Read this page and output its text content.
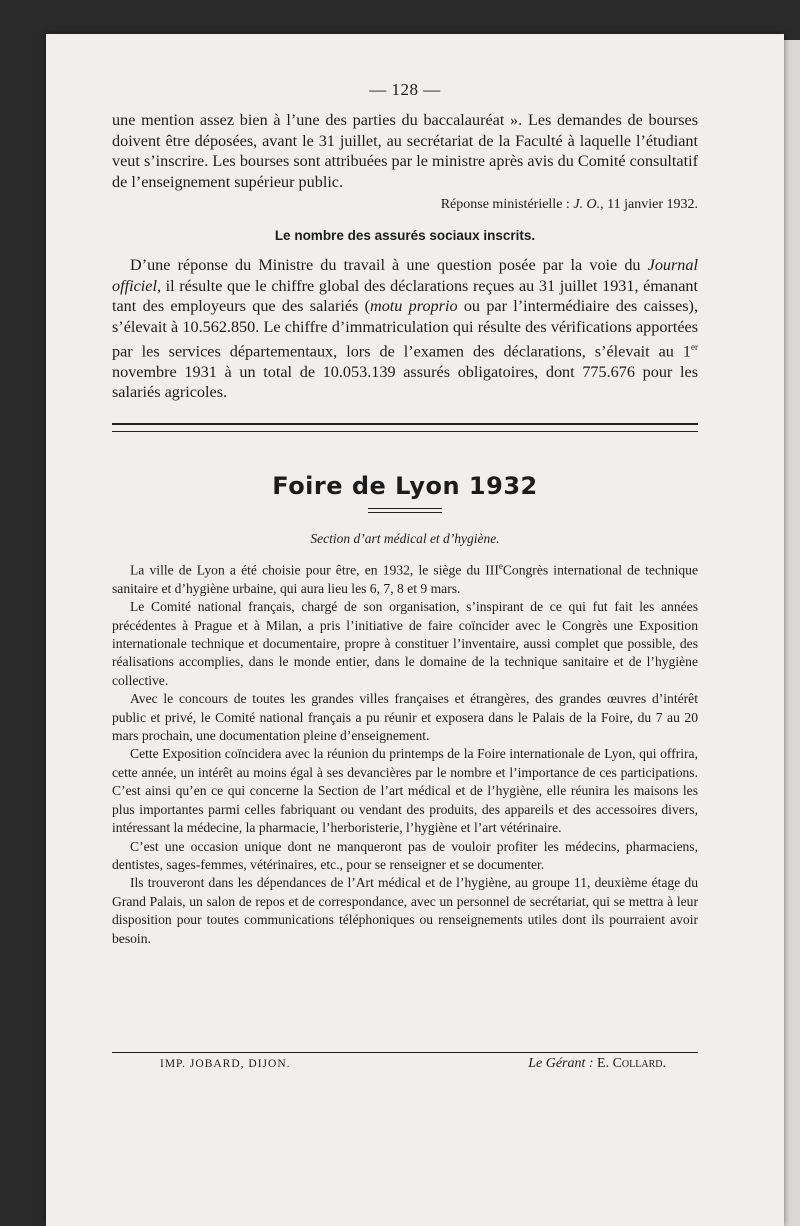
— 128 —

une mention assez bien à l’une des parties du baccalauréat ». Les demandes de bourses doivent être déposées, avant le 31 juillet, au secrétariat de la Faculté à laquelle l’étudiant veut s’inscrire. Les bourses sont attribuées par le ministre après avis du Comité consultatif de l’enseignement supérieur public.

Réponse ministérielle : J. O., 11 janvier 1932.
Le nombre des assurés sociaux inscrits.

D’une réponse du Ministre du travail à une question posée par la voie du Journal officiel, il résulte que le chiffre global des déclarations reçues au 31 juillet 1931, émanant tant des employeurs que des salariés (motu proprio ou par l’intermédiaire des caisses), s’élevait à 10.562.850. Le chiffre d’immatriculation qui résulte des vérifications apportées par les services départementaux, lors de l’examen des déclarations, s’élevait au 1er novembre 1931 à un total de 10.053.139 assurés obligatoires, dont 775.676 pour les salariés agricoles.

Foire de Lyon 1932
Section d’art médical et d’hygiène.

La ville de Lyon a été choisie pour être, en 1932, le siège du IIIeCongrès international de technique sanitaire et d’hygiène urbaine, qui aura lieu les 6, 7, 8 et 9 mars.

Le Comité national français, chargé de son organisation, s’inspirant de ce qui fut fait les années précédentes à Prague et à Milan, a pris l’initiative de faire coïncider avec le Congrès une Exposition internationale technique et documentaire, propre à constituer l’inventaire, aussi complet que possible, des réalisations accomplies, dans le monde entier, dans le domaine de la technique sanitaire et de l’hygiène collective.

Avec le concours de toutes les grandes villes françaises et étrangères, des grandes œuvres d’intérêt public et privé, le Comité national français a pu réunir et exposera dans le Palais de la Foire, du 7 au 20 mars prochain, une documentation pleine d’enseignement.

Cette Exposition coïncidera avec la réunion du printemps de la Foire internationale de Lyon, qui offrira, cette année, un intérêt au moins égal à ses devancières par le nombre et l’importance de ces participations. C’est ainsi qu’en ce qui concerne la Section de l’art médical et de l’hygiène, elle réunira les maisons les plus importantes parmi celles fabriquant ou vendant des produits, des appareils et des accessoires divers, intéressant la médecine, la pharmacie, l’herboristerie, l’hygiène et l’art vétérinaire.

C’est une occasion unique dont ne manqueront pas de vouloir profiter les médecins, pharmaciens, dentistes, sages-femmes, vétérinaires, etc., pour se renseigner et se documenter.

Ils trouveront dans les dépendances de l’Art médical et de l’hygiène, au groupe 11, deuxième étage du Grand Palais, un salon de repos et de correspondance, avec un personnel de secrétariat, qui se mettra à leur disposition pour toutes communications téléphoniques ou renseignements utiles dont ils pourraient avoir besoin.

IMP. JOBARD, DIJON.	Le Gérant : E. Collard.
